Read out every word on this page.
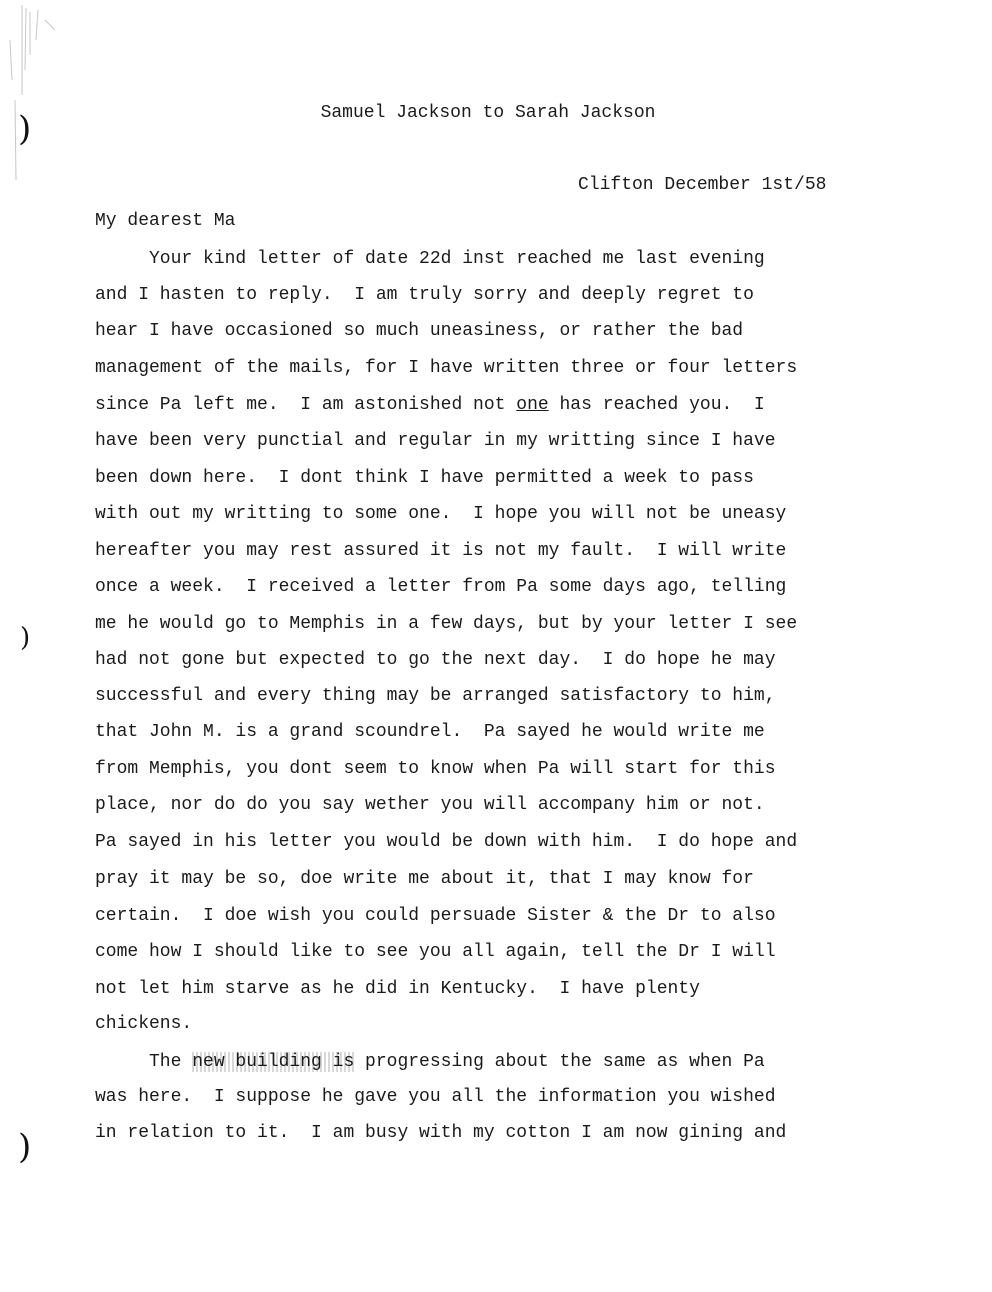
)
)
)
Samuel Jackson to Sarah Jackson
Clifton December 1st/58
My dearest Ma
Your kind letter of date 22d inst reached me last evening
and I hasten to reply.  I am truly sorry and deeply regret to
hear I have occasioned so much uneasiness, or rather the bad
management of the mails, for I have written three or four letters
since Pa left me.  I am astonished not one has reached you.  I
have been very punctial and regular in my writting since I have
been down here.  I dont think I have permitted a week to pass
with out my writting to some one.  I hope you will not be uneasy
hereafter you may rest assured it is not my fault.  I will write
once a week.  I received a letter from Pa some days ago, telling
me he would go to Memphis in a few days, but by your letter I see
had not gone but expected to go the next day.  I do hope he may
successful and every thing may be arranged satisfactory to him,
that John M. is a grand scoundrel.  Pa sayed he would write me
from Memphis, you dont seem to know when Pa will start for this
place, nor do do you say wether you will accompany him or not.
Pa sayed in his letter you would be down with him.  I do hope and
pray it may be so, doe write me about it, that I may know for
certain.  I doe wish you could persuade Sister & the Dr to also
come how I should like to see you all again, tell the Dr I will
not let him starve as he did in Kentucky.  I have plenty
chickens.
The new building is progressing about the same as when Pa
was here.  I suppose he gave you all the information you wished
in relation to it.  I am busy with my cotton I am now gining and
